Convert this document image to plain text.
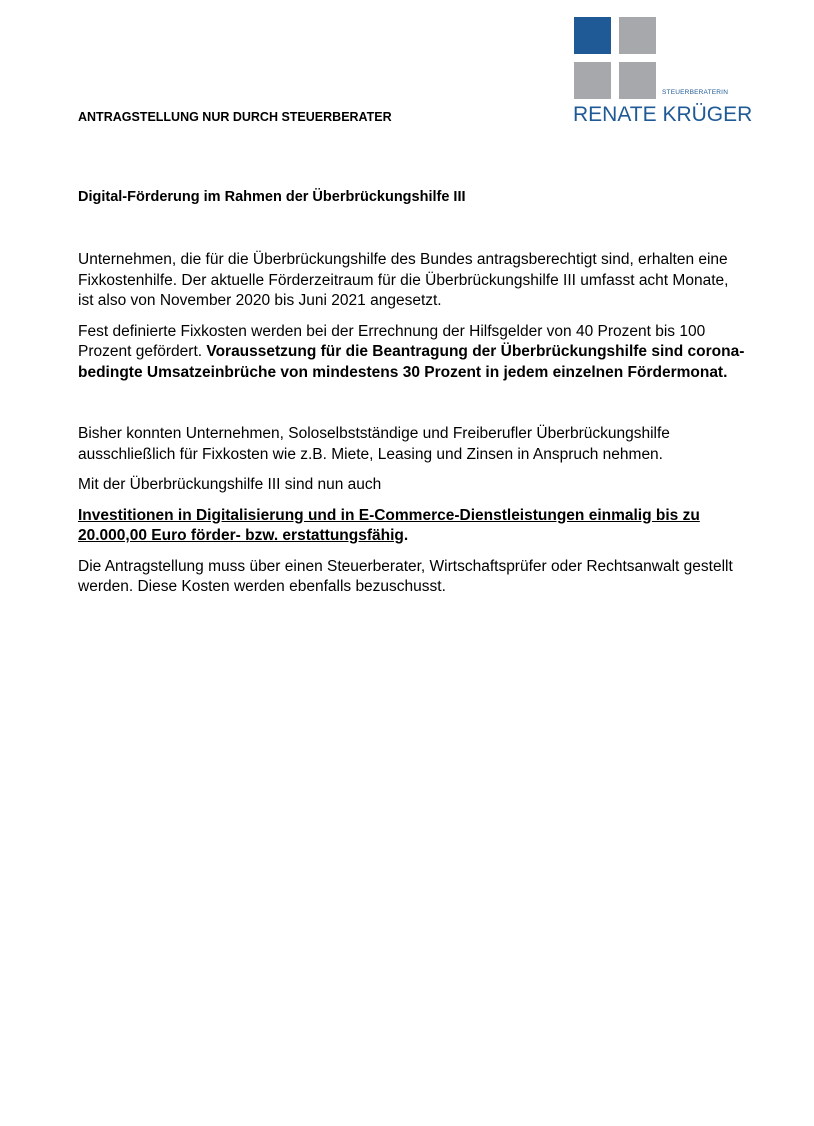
STEUERBERATERIN
RENATE KRÜGER
ANTRAGSTELLUNG NUR DURCH STEUERBERATER
Digital-Förderung im Rahmen der Überbrückungshilfe III

Unternehmen, die für die Überbrückungshilfe des Bundes antragsberechtigt sind, erhalten eine Fixkostenhilfe. Der aktuelle Förderzeitraum für die Überbrückungshilfe III umfasst acht Monate, ist also von November 2020 bis Juni 2021 angesetzt.

Fest definierte Fixkosten werden bei der Errechnung der Hilfsgelder von 40 Prozent bis 100 Prozent gefördert. Voraussetzung für die Beantragung der Überbrückungshilfe sind corona-bedingte Umsatzeinbrüche von mindestens 30 Prozent in jedem einzelnen Fördermonat.

Bisher konnten Unternehmen, Soloselbstständige und Freiberufler Überbrückungshilfe ausschließlich für Fixkosten wie z.B. Miete, Leasing und Zinsen in Anspruch nehmen.

Mit der Überbrückungshilfe III sind nun auch

Investitionen in Digitalisierung und in E-Commerce-Dienstleistungen einmalig bis zu 20.000,00 Euro förder- bzw. erstattungsfähig.

Die Antragstellung muss über einen Steuerberater, Wirtschaftsprüfer oder Rechtsanwalt gestellt werden. Diese Kosten werden ebenfalls bezuschusst.
